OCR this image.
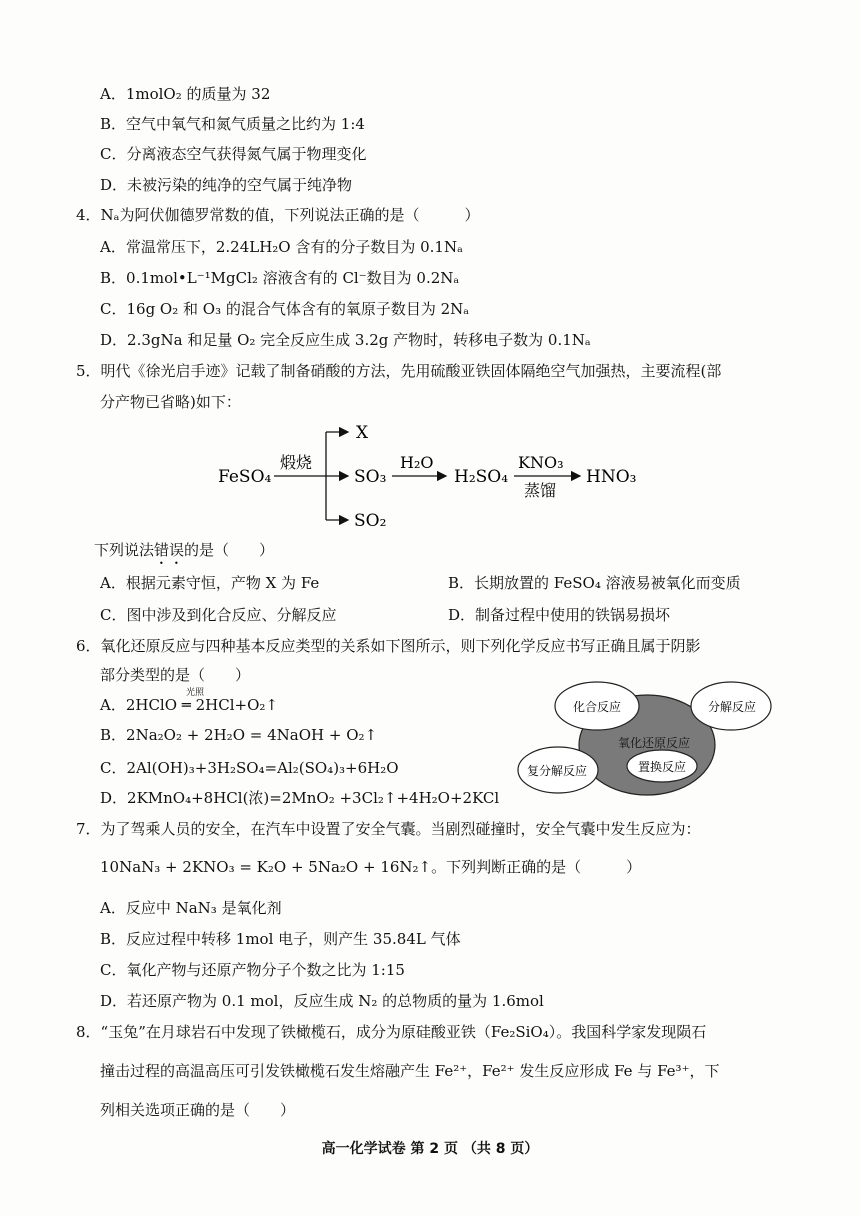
A．1molO₂ 的质量为 32
B．空气中氧气和氮气质量之比约为 1:4
C．分离液态空气获得氮气属于物理变化
D．未被污染的纯净的空气属于纯净物
4．Nₐ为阿伏伽德罗常数的值，下列说法正确的是（　　　）
A．常温常压下，2.24LH₂O 含有的分子数目为 0.1Nₐ
B．0.1mol•L⁻¹MgCl₂ 溶液含有的 Cl⁻数目为 0.2Nₐ
C．16g O₂ 和 O₃ 的混合气体含有的氧原子数目为 2Nₐ
D．2.3gNa 和足量 O₂ 完全反应生成 3.2g 产物时，转移电子数为 0.1Nₐ
5．明代《徐光启手迹》记载了制备硝酸的方法，先用硫酸亚铁固体隔绝空气加强热，主要流程(部
分产物已省略)如下：
FeSO₄
煅烧
X
SO₃
SO₂
H₂O
H₂SO₄
KNO₃
蒸馏
HNO₃
下列说法错误的是（　　）
A．根据元素守恒，产物 X 为 Fe	B．长期放置的 FeSO₄ 溶液易被氧化而变质
C．图中涉及到化合反应、分解反应	D．制备过程中使用的铁锅易损坏
6．氧化还原反应与四种基本反应类型的关系如下图所示，则下列化学反应书写正确且属于阴影
部分类型的是（　　）
A．2HClO ═ 2HCl+O₂↑
光照
B．2Na₂O₂ + 2H₂O = 4NaOH + O₂↑
C．2Al(OH)₃+3H₂SO₄=Al₂(SO₄)₃+6H₂O
D．2KMnO₄+8HCl(浓)=2MnO₂ +3Cl₂↑+4H₂O+2KCl
化合反应	分解反应
氧化还原反应
复分解反应	置换反应
7．为了驾乘人员的安全，在汽车中设置了安全气囊。当剧烈碰撞时，安全气囊中发生反应为：
10NaN₃ + 2KNO₃ = K₂O + 5Na₂O + 16N₂↑。下列判断正确的是（　　　）
A．反应中 NaN₃ 是氧化剂
B．反应过程中转移 1mol 电子，则产生 35.84L 气体
C．氧化产物与还原产物分子个数之比为 1:15
D．若还原产物为 0.1 mol，反应生成 N₂ 的总物质的量为 1.6mol
8．“玉兔”在月球岩石中发现了铁橄榄石，成分为原硅酸亚铁（Fe₂SiO₄）。我国科学家发现陨石
撞击过程的高温高压可引发铁橄榄石发生熔融产生 Fe²⁺，Fe²⁺ 发生反应形成 Fe 与 Fe³⁺，下
列相关选项正确的是（　　）
高一化学试卷 第 2 页 （共 8 页）
